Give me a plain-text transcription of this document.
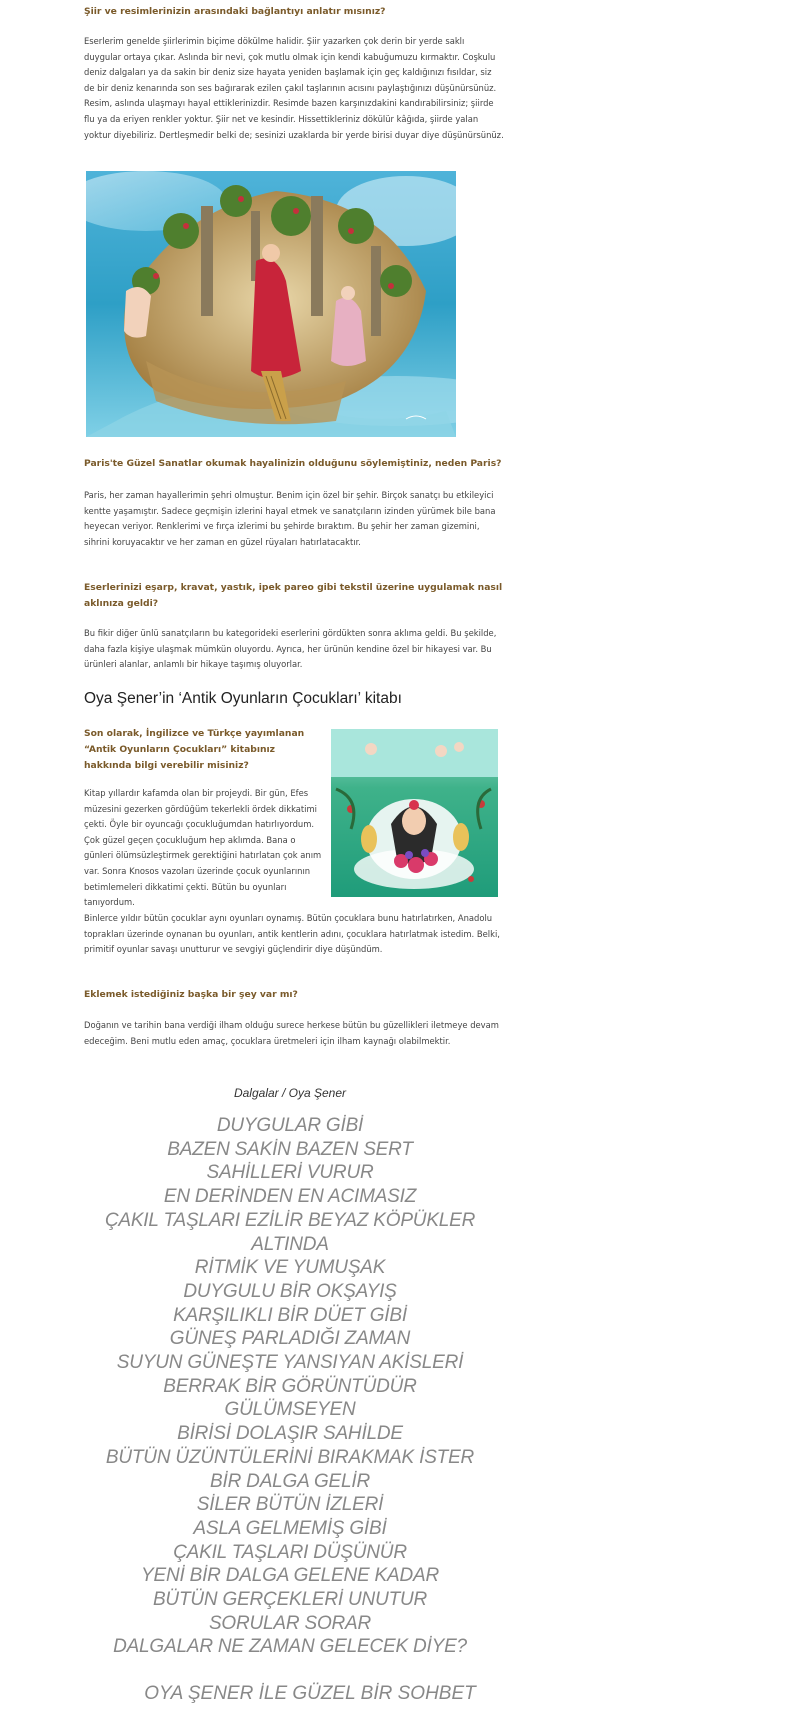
Şiir ve resimlerinizin arasındaki bağlantıyı anlatır mısınız?

Eserlerim genelde şiirlerimin biçime dökülme halidir. Şiir yazarken çok derin bir yerde saklı duygular ortaya çıkar. Aslında bir nevi, çok mutlu olmak için kendi kabuğumuzu kırmaktır. Coşkulu deniz dalgaları ya da sakin bir deniz size hayata yeniden başlamak için geç kaldığınızı fısıldar, siz de bir deniz kenarında son ses bağırarak ezilen çakıl taşlarının acısını paylaştığınızı düşünürsünüz. Resim, aslında ulaşmayı hayal ettiklerinizdir. Resimde bazen karşınızdakini kandırabilirsiniz; şiirde flu ya da eriyen renkler yoktur. Şiir net ve kesindir. Hissettikleriniz dökülür kâğıda, şiirde yalan yoktur diyebiliriz. Dertleşmedir belki de; sesinizi uzaklarda bir yerde birisi duyar diye düşünürsünüz.

Paris'te Güzel Sanatlar okumak hayalinizin olduğunu söylemiştiniz, neden Paris?

Paris, her zaman hayallerimin şehri olmuştur. Benim için özel bir şehir. Birçok sanatçı bu etkileyici kentte yaşamıştır. Sadece geçmişin izlerini hayal etmek ve sanatçıların izinden yürümek bile bana heyecan veriyor. Renklerimi ve fırça izlerimi bu şehirde bıraktım. Bu şehir her zaman gizemini, sihrini koruyacaktır ve her zaman en güzel rüyaları hatırlatacaktır.

Eserlerinizi eşarp, kravat, yastık, ipek pareo gibi tekstil üzerine uygulamak nasıl aklınıza geldi?

Bu fikir diğer ünlü sanatçıların bu kategorideki eserlerini gördükten sonra aklıma geldi. Bu şekilde, daha fazla kişiye ulaşmak mümkün oluyordu. Ayrıca, her ürünün kendine özel bir hikayesi var. Bu ürünleri alanlar, anlamlı bir hikaye taşımış oluyorlar.

Oya Şener’in ‘Antik Oyunların Çocukları’ kitabı
Son olarak, İngilizce ve Türkçe yayımlanan “Antik Oyunların Çocukları” kitabınız hakkında bilgi verebilir misiniz?

Kitap yıllardır kafamda olan bir projeydi. Bir gün, Efes müzesini gezerken gördüğüm tekerlekli ördek dikkatimi çekti. Öyle bir oyuncağı çocukluğumdan hatırlıyordum. Çok güzel geçen çocukluğum hep aklımda. Bana o günleri ölümsüzleştirmek gerektiğini hatırlatan çok anım var. Sonra Knosos vazoları üzerinde çocuk oyunlarının betimlemeleri dikkatimi çekti. Bütün bu oyunları tanıyordum.

Binlerce yıldır bütün çocuklar aynı oyunları oynamış. Bütün çocuklara bunu hatırlatırken, Anadolu toprakları üzerinde oynanan bu oyunları, antik kentlerin adını, çocuklara hatırlatmak istedim. Belki, primitif oyunlar savaşı unutturur ve sevgiyi güçlendirir diye düşündüm.

Eklemek istediğiniz başka bir şey var mı?

Doğanın ve tarihin bana verdiği ilham olduğu surece herkese bütün bu güzellikleri iletmeye devam edeceğim. Beni mutlu eden amaç, çocuklara üretmeleri için ilham kaynağı olabilmektir.

Dalgalar / Oya Şener
DUYGULAR GİBİ
BAZEN SAKİN BAZEN SERT
SAHİLLERİ VURUR
EN DERİNDEN EN ACIMASIZ
ÇAKIL TAŞLARI EZİLİR BEYAZ KÖPÜKLER
ALTINDA
RİTMİK VE YUMUŞAK
DUYGULU BİR OKŞAYIŞ
KARŞILIKLI BİR DÜET GİBİ
GÜNEŞ PARLADIĞI ZAMAN
SUYUN GÜNEŞTE YANSIYAN AKİSLERİ
BERRAK BİR GÖRÜNTÜDÜR
GÜLÜMSEYEN
BİRİSİ DOLAŞIR SAHİLDE
BÜTÜN ÜZÜNTÜLERİNİ BIRAKMAK İSTER
BİR DALGA GELİR
SİLER BÜTÜN İZLERİ
ASLA GELMEMİŞ GİBİ
ÇAKIL TAŞLARI DÜŞÜNÜR
YENİ BİR DALGA GELENE KADAR
BÜTÜN GERÇEKLERİ UNUTUR
SORULAR SORAR
DALGALAR NE ZAMAN GELECEK DİYE?
OYA ŞENER İLE GÜZEL BİR SOHBET
